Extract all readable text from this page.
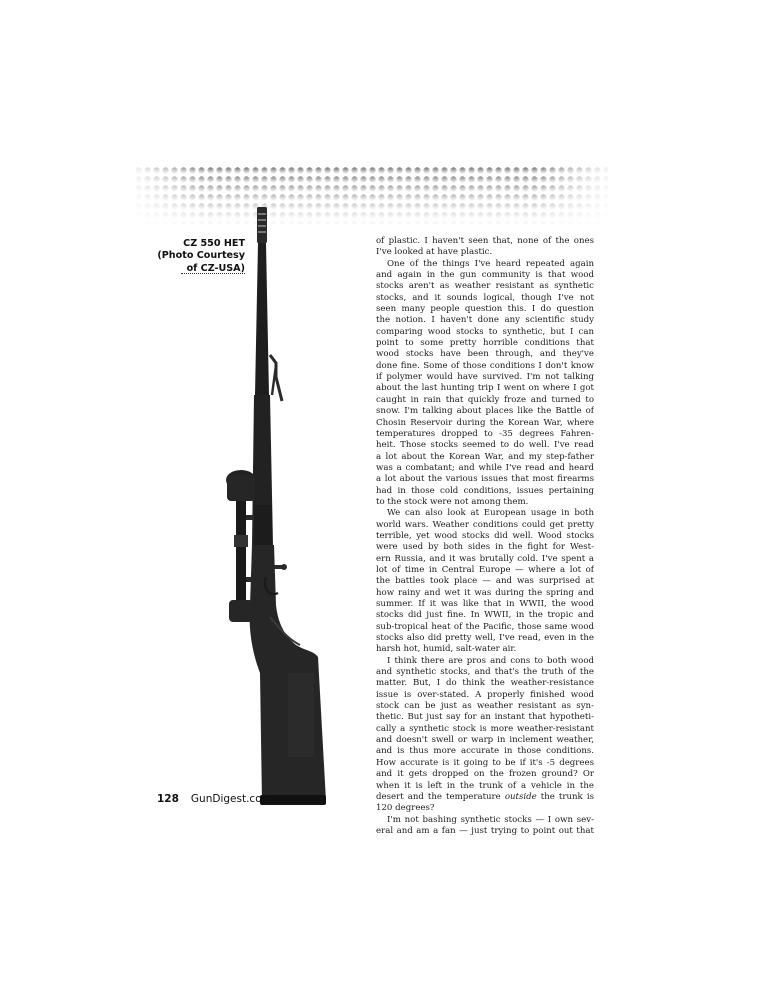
CZ 550 HET
(Photo Courtesy
of CZ-USA)
of plastic. I haven't seen that, none of the ones
I've looked at have plastic.
One of the things I've heard repeated again
and again in the gun community is that wood
stocks aren't as weather resistant as synthetic
stocks, and it sounds logical, though I've not
seen many people question this. I do question
the notion. I haven't done any scientific study
comparing wood stocks to synthetic, but I can
point to some pretty horrible conditions that
wood stocks have been through, and they've
done fine. Some of those conditions I don't know
if polymer would have survived. I'm not talking
about the last hunting trip I went on where I got
caught in rain that quickly froze and turned to
snow. I'm talking about places like the Battle of
Chosin Reservoir during the Korean War, where
temperatures dropped to -35 degrees Fahren-
heit. Those stocks seemed to do well. I've read
a lot about the Korean War, and my step-father
was a combatant; and while I've read and heard
a lot about the various issues that most firearms
had in those cold conditions, issues pertaining
to the stock were not among them.
We can also look at European usage in both
world wars. Weather conditions could get pretty
terrible, yet wood stocks did well. Wood stocks
were used by both sides in the fight for West-
ern Russia, and it was brutally cold. I've spent a
lot of time in Central Europe — where a lot of
the battles took place — and was surprised at
how rainy and wet it was during the spring and
summer. If it was like that in WWII, the wood
stocks did just fine. In WWII, in the tropic and
sub-tropical heat of the Pacific, those same wood
stocks also did pretty well, I've read, even in the
harsh hot, humid, salt-water air.
I think there are pros and cons to both wood
and synthetic stocks, and that's the truth of the
matter. But, I do think the weather-resistance
issue is over-stated. A properly finished wood
stock can be just as weather resistant as syn-
thetic. But just say for an instant that hypotheti-
cally a synthetic stock is more weather-resistant
and doesn't swell or warp in inclement weather,
and is thus more accurate in those conditions.
How accurate is it going to be if it's -5 degrees
and it gets dropped on the frozen ground? Or
when it is left in the trunk of a vehicle in the
desert and the temperature outside the trunk is
120 degrees?
I'm not bashing synthetic stocks — I own sev-
eral and am a fan — just trying to point out that
128 GunDigest.com
